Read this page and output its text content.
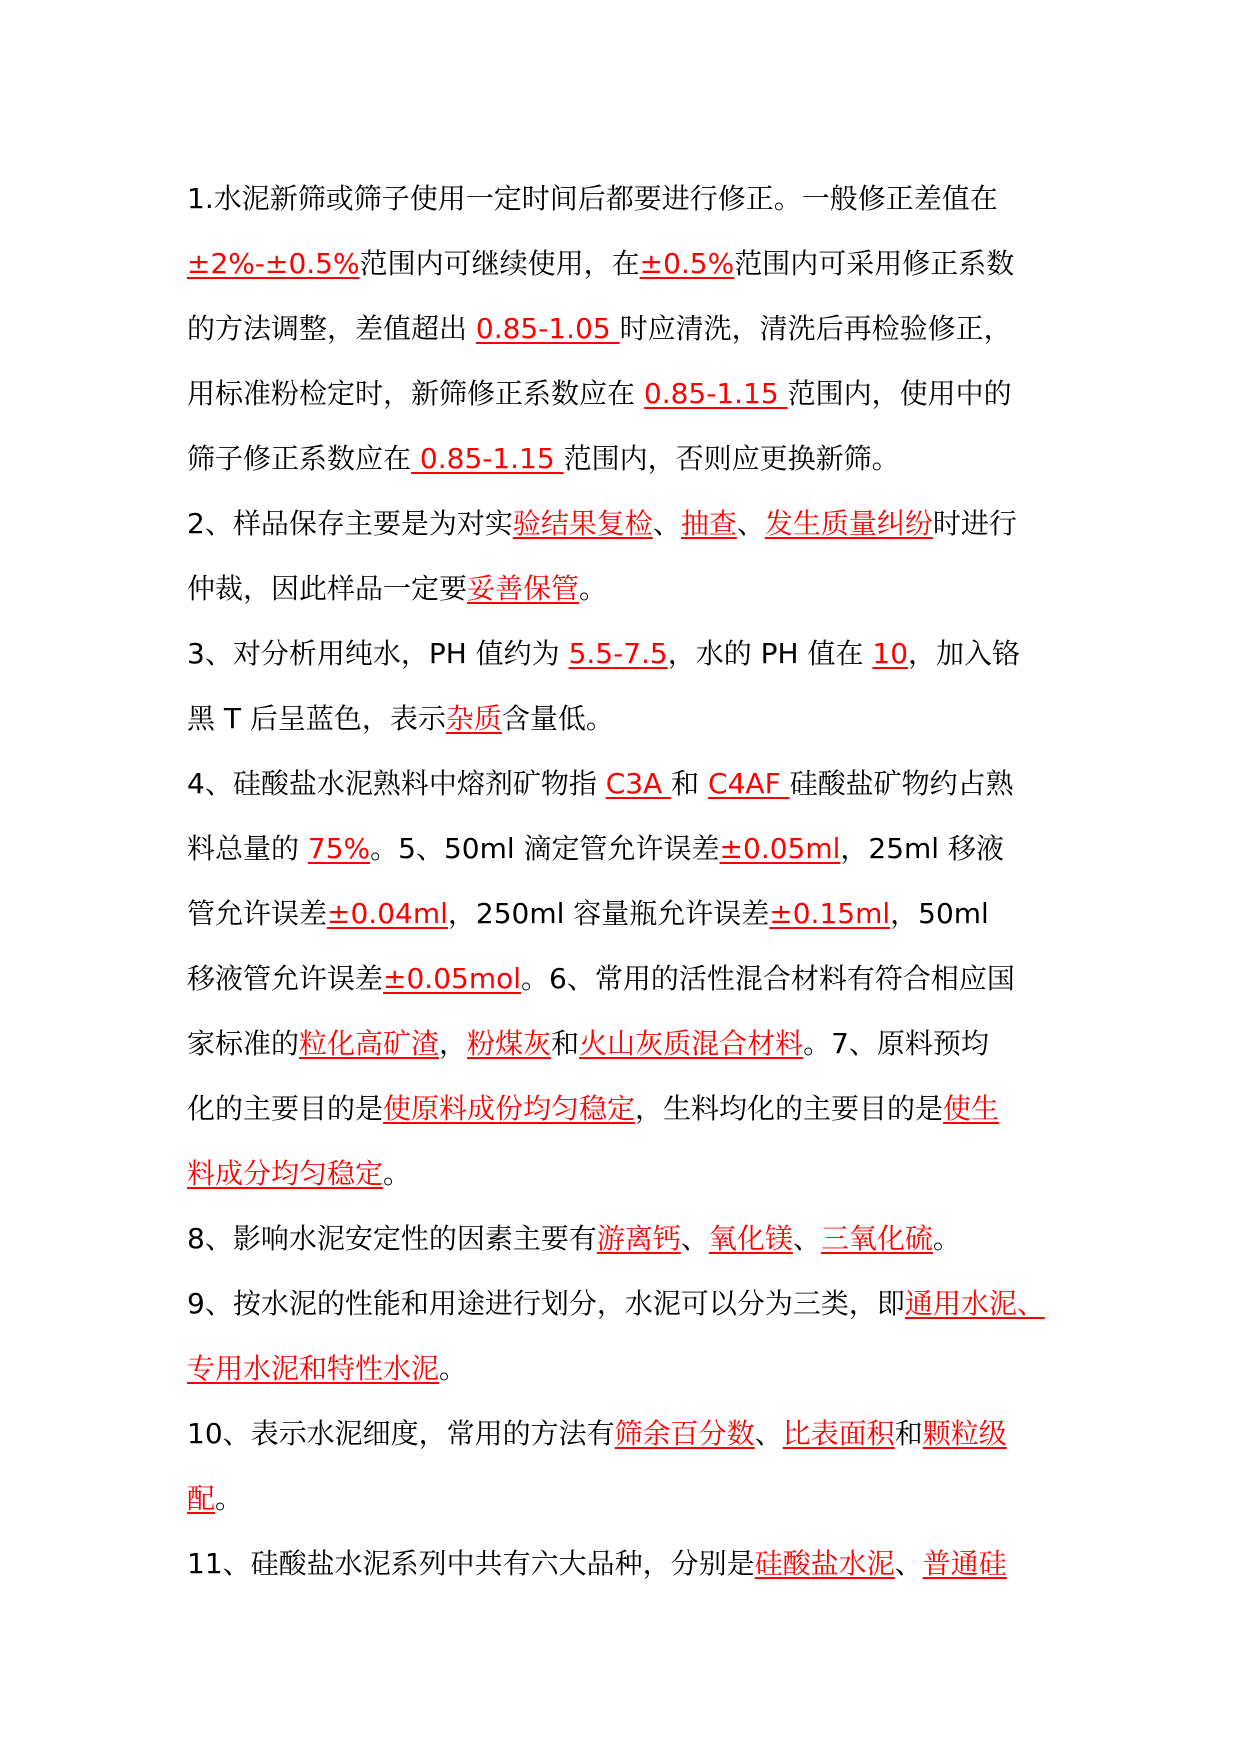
1.水泥新筛或筛子使用一定时间后都要进行修正。一般修正差值在
±2%-±0.5%范围内可继续使用，在±0.5%范围内可采用修正系数
的方法调整，差值超出 0.85-1.05 时应清洗，清洗后再检验修正，
用标准粉检定时，新筛修正系数应在 0.85-1.15 范围内，使用中的
筛子修正系数应在 0.85-1.15 范围内，否则应更换新筛。
2、样品保存主要是为对实验结果复检、抽查、发生质量纠纷时进行
仲裁，因此样品一定要妥善保管。
3、对分析用纯水，PH 值约为 5.5-7.5，水的 PH 值在 10，加入铬
黑 T 后呈蓝色，表示杂质含量低。
4、硅酸盐水泥熟料中熔剂矿物指 C3A 和 C4AF 硅酸盐矿物约占熟
料总量的 75%。5、50ml 滴定管允许误差±0.05ml，25ml 移液
管允许误差±0.04ml，250ml 容量瓶允许误差±0.15ml，50ml
移液管允许误差±0.05mol。6、常用的活性混合材料有符合相应国
家标准的粒化高矿渣，粉煤灰和火山灰质混合材料。7、原料预均
化的主要目的是使原料成份均匀稳定，生料均化的主要目的是使生
料成分均匀稳定。
8、影响水泥安定性的因素主要有游离钙、氧化镁、三氧化硫。
9、按水泥的性能和用途进行划分，水泥可以分为三类，即通用水泥、
专用水泥和特性水泥。
10、表示水泥细度，常用的方法有筛余百分数、比表面积和颗粒级
配。
11、硅酸盐水泥系列中共有六大品种，分别是硅酸盐水泥、普通硅
